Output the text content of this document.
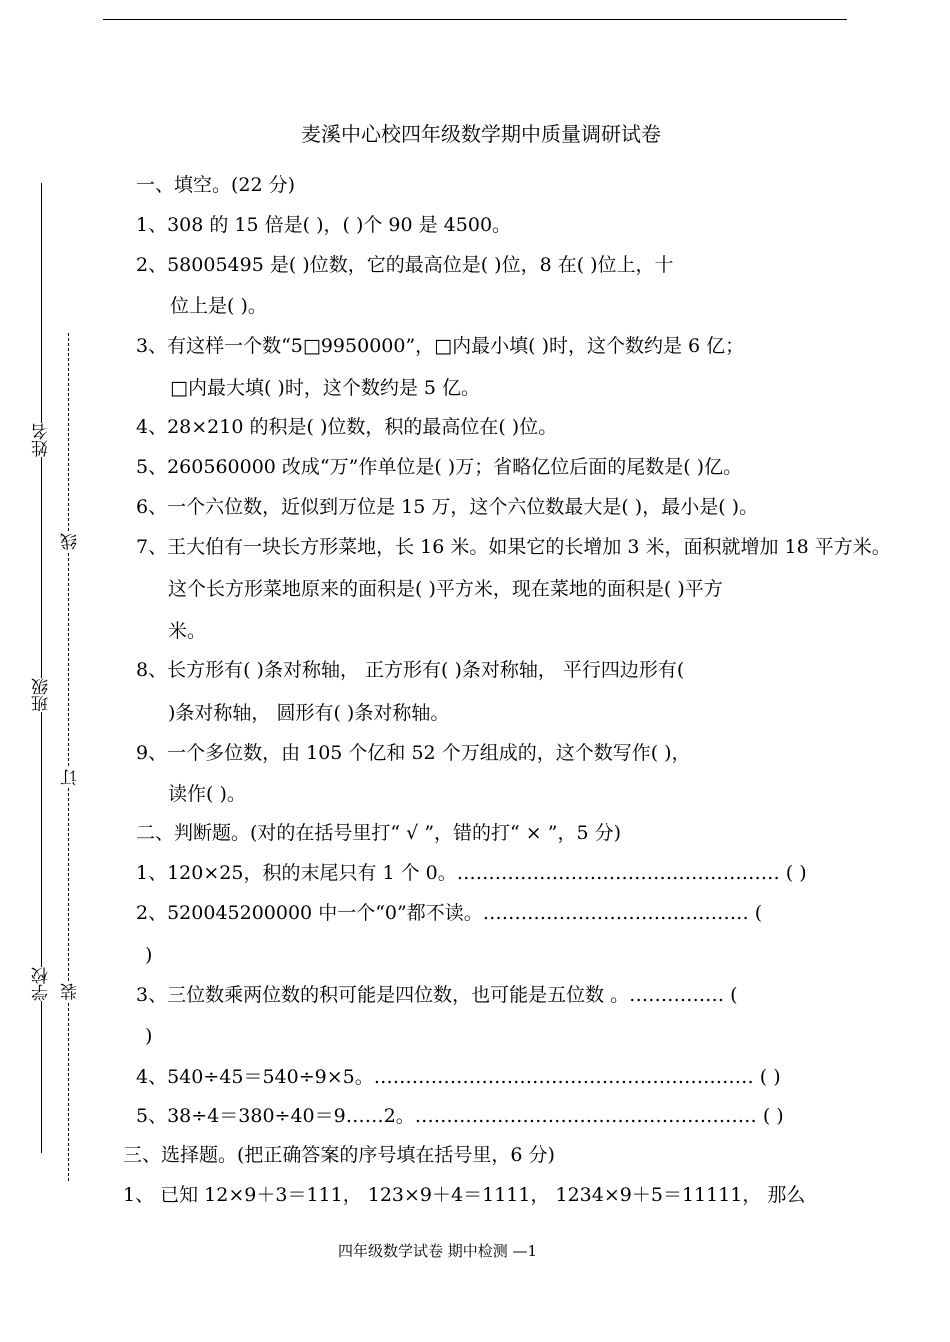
姓名
班级
学校
线
订
装
麦溪中心校四年级数学期中质量调研试卷
一、填空。(22 分)
1、308 的 15 倍是( )，( )个 90 是 4500。
2、58005495 是( )位数，它的最高位是( )位，8 在( )位上，十
位上是( )。
3、有这样一个数“5□9950000”，□内最小填( )时，这个数约是 6 亿；
□内最大填( )时，这个数约是 5 亿。
4、28×210 的积是( )位数，积的最高位在( )位。
5、260560000 改成“万”作单位是( )万；省略亿位后面的尾数是( )亿。
6、一个六位数，近似到万位是 15 万，这个六位数最大是( )，最小是( )。
7、王大伯有一块长方形菜地，长 16 米。如果它的长增加 3 米，面积就增加 18 平方米。
这个长方形菜地原来的面积是( )平方米，现在菜地的面积是( )平方
米。
8、长方形有( )条对称轴， 正方形有( )条对称轴， 平行四边形有(
)条对称轴， 圆形有( )条对称轴。
9、一个多位数，由 105 个亿和 52 个万组成的，这个数写作( )，
读作( )。
二、判断题。(对的在括号里打“ √ ”，错的打“ × ”，5 分)
1、120×25，积的末尾只有 1 个 0。…………………………………………… ( )
2、520045200000 中一个“0”都不读。…………………………………… (
)
3、三位数乘两位数的积可能是四位数，也可能是五位数 。…………… (
)
4、540÷45＝540÷9×5。…………………………………………………… ( )
5、38÷4＝380÷40＝9……2。……………………………………………… ( )
三、选择题。(把正确答案的序号填在括号里，6 分)
1、 已知 12×9＋3＝111， 123×9＋4＝1111， 1234×9＋5＝11111， 那么
四年级数学试卷 期中检测 —1
